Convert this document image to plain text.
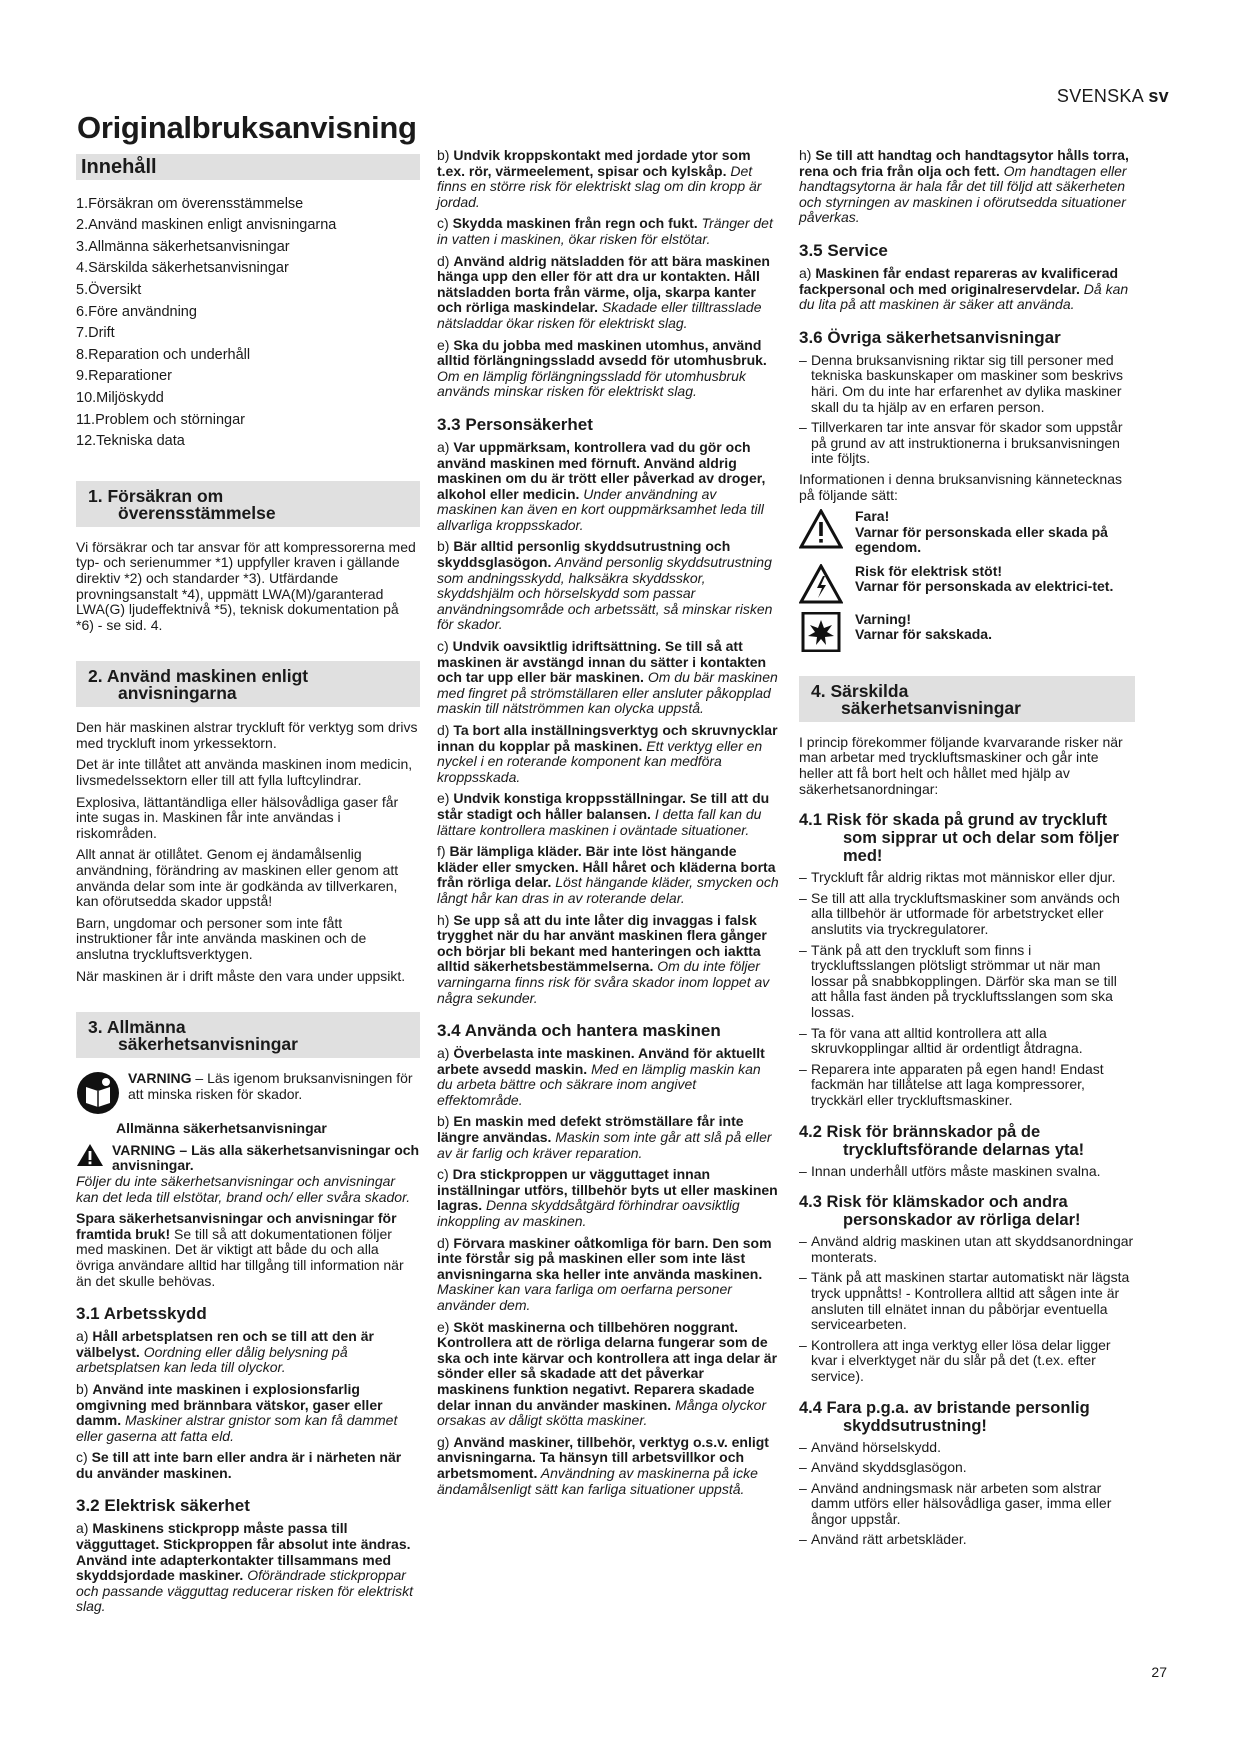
SVENSKA sv
Originalbruksanvisning
Innehåll
1.Försäkran om överensstämmelse
2.Använd maskinen enligt anvisningarna
3.Allmänna säkerhetsanvisningar
4.Särskilda säkerhetsanvisningar
5.Översikt
6.Före användning
7.Drift
8.Reparation och underhåll
9.Reparationer
10.Miljöskydd
11.Problem och störningar
12.Tekniska data
1. Försäkran om
överensstämmelse

Vi försäkrar och tar ansvar för att kompressorerna med typ- och serienummer *1) uppfyller kraven i gällande direktiv *2) och standarder *3). Utfärdande provningsanstalt *4), uppmätt LWA(M)/garanterad LWA(G) ljudeffektnivå *5), teknisk dokumentation på *6) - se sid. 4.

2. Använd maskinen enligt
anvisningarna

Den här maskinen alstrar tryckluft för verktyg som drivs med tryckluft inom yrkessektorn.

Det är inte tillåtet att använda maskinen inom medicin, livsmedelssektorn eller till att fylla luftcylindrar.

Explosiva, lättantändliga eller hälsovådliga gaser får inte sugas in. Maskinen får inte användas i riskområden.

Allt annat är otillåtet. Genom ej ändamålsenlig användning, förändring av maskinen eller genom att använda delar som inte är godkända av tillverkaren, kan oförutsedda skador uppstå!

Barn, ungdomar och personer som inte fått instruktioner får inte använda maskinen och de anslutna tryckluftsverktygen.

När maskinen är i drift måste den vara under uppsikt.

3. Allmänna
säkerhetsanvisningar
VARNING – Läs igenom bruksanvisningen för att minska risken för skador.

Allmänna säkerhetsanvisningar

VARNING – Läs alla säkerhetsanvisningar och anvisningar.

Följer du inte säkerhetsanvisningar och anvisningar kan det leda till elstötar, brand och/ eller svåra skador.

Spara säkerhetsanvisningar och anvisningar för framtida bruk! Se till så att dokumentationen följer med maskinen. Det är viktigt att både du och alla övriga användare alltid har tillgång till information när än det skulle behövas.

3.1 Arbetsskydd

a) Håll arbetsplatsen ren och se till att den är välbelyst. Oordning eller dålig belysning på arbetsplatsen kan leda till olyckor.

b) Använd inte maskinen i explosionsfarlig omgivning med brännbara vätskor, gaser eller damm. Maskiner alstrar gnistor som kan få dammet eller gaserna att fatta eld.

c) Se till att inte barn eller andra är i närheten när du använder maskinen.

3.2 Elektrisk säkerhet

a) Maskinens stickpropp måste passa till vägguttaget. Stickproppen får absolut inte ändras. Använd inte adapterkontakter tillsammans med skyddsjordade maskiner. Oförändrade stickproppar och passande vägguttag reducerar risken för elektriskt slag.

b) Undvik kroppskontakt med jordade ytor som t.ex. rör, värmeelement, spisar och kylskåp. Det finns en större risk för elektriskt slag om din kropp är jordad.

c) Skydda maskinen från regn och fukt. Tränger det in vatten i maskinen, ökar risken för elstötar.

d) Använd aldrig nätsladden för att bära maskinen hänga upp den eller för att dra ur kontakten. Håll nätsladden borta från värme, olja, skarpa kanter och rörliga maskindelar. Skadade eller tilltrasslade nätsladdar ökar risken för elektriskt slag.

e) Ska du jobba med maskinen utomhus, använd alltid förlängningssladd avsedd för utomhusbruk. Om en lämplig förlängningssladd för utomhusbruk används minskar risken för elektriskt slag.

3.3 Personsäkerhet

a) Var uppmärksam, kontrollera vad du gör och använd maskinen med förnuft. Använd aldrig maskinen om du är trött eller påverkad av droger, alkohol eller medicin. Under användning av maskinen kan även en kort ouppmärksamhet leda till allvarliga kroppsskador.

b) Bär alltid personlig skyddsutrustning och skyddsglasögon. Använd personlig skyddsutrustning som andningsskydd, halksäkra skyddsskor, skyddshjälm och hörselskydd som passar användningsområde och arbetssätt, så minskar risken för skador.

c) Undvik oavsiktlig idriftsättning. Se till så att maskinen är avstängd innan du sätter i kontakten och tar upp eller bär maskinen. Om du bär maskinen med fingret på strömställaren eller ansluter påkopplad maskin till nätströmmen kan olycka uppstå.

d) Ta bort alla inställningsverktyg och skruvnycklar innan du kopplar på maskinen. Ett verktyg eller en nyckel i en roterande komponent kan medföra kroppsskada.

e) Undvik konstiga kroppsställningar. Se till att du står stadigt och håller balansen. I detta fall kan du lättare kontrollera maskinen i oväntade situationer.

f) Bär lämpliga kläder. Bär inte löst hängande kläder eller smycken. Håll håret och kläderna borta från rörliga delar. Löst hängande kläder, smycken och långt hår kan dras in av roterande delar.

h) Se upp så att du inte låter dig invaggas i falsk trygghet när du har använt maskinen flera gånger och börjar bli bekant med hanteringen och iaktta alltid säkerhetsbestämmelserna. Om du inte följer varningarna finns risk för svåra skador inom loppet av några sekunder.

3.4 Använda och hantera maskinen

a) Överbelasta inte maskinen. Använd för aktuellt arbete avsedd maskin. Med en lämplig maskin kan du arbeta bättre och säkrare inom angivet effektområde.

b) En maskin med defekt strömställare får inte längre användas. Maskin som inte går att slå på eller av är farlig och kräver reparation.

c) Dra stickproppen ur vägguttaget innan inställningar utförs, tillbehör byts ut eller maskinen lagras. Denna skyddsåtgärd förhindrar oavsiktlig inkoppling av maskinen.

d) Förvara maskiner oåtkomliga för barn. Den som inte förstår sig på maskinen eller som inte läst anvisningarna ska heller inte använda maskinen. Maskiner kan vara farliga om oerfarna personer använder dem.

e) Sköt maskinerna och tillbehören noggrant. Kontrollera att de rörliga delarna fungerar som de ska och inte kärvar och kontrollera att inga delar är sönder eller så skadade att det påverkar maskinens funktion negativt. Reparera skadade delar innan du använder maskinen. Många olyckor orsakas av dåligt skötta maskiner.

g) Använd maskiner, tillbehör, verktyg o.s.v. enligt anvisningarna. Ta hänsyn till arbetsvillkor och arbetsmoment. Användning av maskinerna på icke ändamålsenligt sätt kan farliga situationer uppstå.

h) Se till att handtag och handtagsytor hålls torra, rena och fria från olja och fett. Om handtagen eller handtagsytorna är hala får det till följd att säkerheten och styrningen av maskinen i oförutsedda situationer påverkas.

3.5 Service

a) Maskinen får endast repareras av kvalificerad fackpersonal och med originalreservdelar. Då kan du lita på att maskinen är säker att använda.

3.6 Övriga säkerhetsanvisningar
– Denna bruksanvisning riktar sig till personer med tekniska baskunskaper om maskiner som beskrivs häri. Om du inte har erfarenhet av dylika maskiner skall du ta hjälp av en erfaren person.
– Tillverkaren tar inte ansvar för skador som uppstår på grund av att instruktionerna i bruksanvisningen inte följts.

Informationen i denna bruksanvisning kännetecknas på följande sätt:

Fara!
Varnar för personskada eller skada på egendom.
Risk för elektrisk stöt!
Varnar för personskada av elektrici-tet.
Varning!
Varnar för sakskada.
4. Särskilda
säkerhetsanvisningar

I princip förekommer följande kvarvarande risker när man arbetar med tryckluftsmaskiner och går inte heller att få bort helt och hållet med hjälp av säkerhetsanordningar:

4.1 Risk för skada på grund av tryckluft
som sipprar ut och delar som följer
med!
– Tryckluft får aldrig riktas mot människor eller djur.
– Se till att alla tryckluftsmaskiner som används och alla tillbehör är utformade för arbetstrycket eller anslutits via tryckregulatorer.
– Tänk på att den tryckluft som finns i tryckluftsslangen plötsligt strömmar ut när man lossar på snabbkopplingen. Därför ska man se till att hålla fast änden på tryckluftsslangen som ska lossas.
– Ta för vana att alltid kontrollera att alla skruvkopplingar alltid är ordentligt åtdragna.
– Reparera inte apparaten på egen hand! Endast fackmän har tillåtelse att laga kompressorer, tryckkärl eller tryckluftsmaskiner.
4.2 Risk för brännskador på de
tryckluftsförande delarnas yta!
– Innan underhåll utförs måste maskinen svalna.
4.3 Risk för klämskador och andra
personskador av rörliga delar!
– Använd aldrig maskinen utan att skyddsanordningar monterats.
– Tänk på att maskinen startar automatiskt när lägsta tryck uppnåtts! - Kontrollera alltid att sågen inte är ansluten till elnätet innan du påbörjar eventuella servicearbeten.
– Kontrollera att inga verktyg eller lösa delar ligger kvar i elverktyget när du slår på det (t.ex. efter service).
4.4 Fara p.g.a. av bristande personlig
skyddsutrustning!
– Använd hörselskydd.
– Använd skyddsglasögon.
– Använd andningsmask när arbeten som alstrar damm utförs eller hälsovådliga gaser, imma eller ångor uppstår.
– Använd rätt arbetskläder.
27
